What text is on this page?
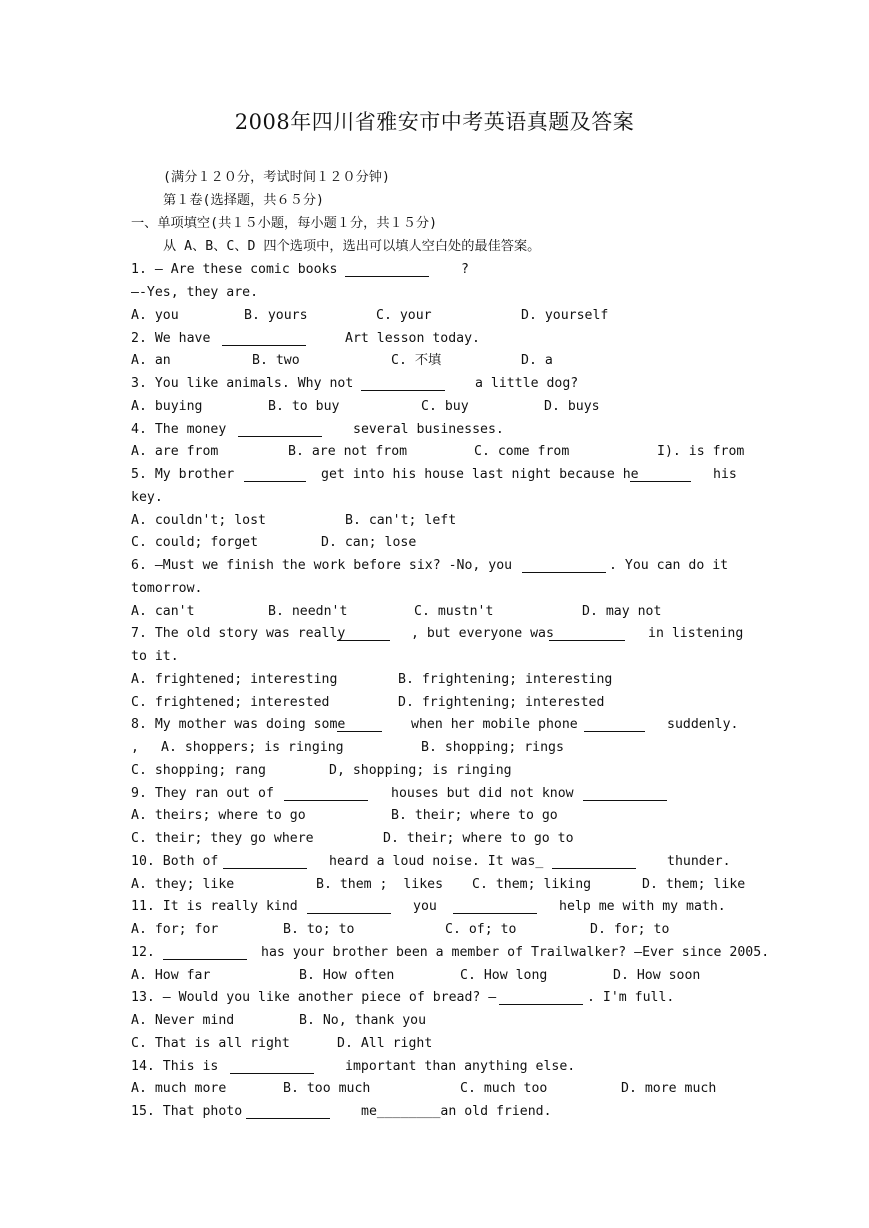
2008年四川省雅安市中考英语真题及答案
(满分１２０分，考试时间１２０分钟)
第１卷(选择题，共６５分)
一、单项填空(共１５小题，每小题１分，共１５分)
从 A、B、C、D 四个选项中，选出可以填人空白处的最佳答案。
1. — Are these comic books	?
—-Yes, they are.
A. you	B. yours	C. your	D. yourself
2. We have	Art lesson today.
A. an	B. two	C. 不填	D. a
3. You like animals. Why not	a little dog?
A. buying	B. to buy	C. buy	D. buys
4. The money	several businesses.
A. are from	B. are not from	C. come from	I). is from
5. My brother	get into his house last night because he	his
key.
A. couldn't; lost	B. can't; left
C. could; forget	D. can; lose
6. —Must we finish the work before six? -No, you	. You can do it
tomorrow.
A. can't	B. needn't	C. mustn't	D. may not
7. The old story was really	, but everyone was	in listening
to it.
A. frightened; interesting	B. frightening; interesting
C. frightened; interested	D. frightening; interested
8. My mother was doing some	when her mobile phone	suddenly.
, A. shoppers; is ringing	B. shopping; rings
C. shopping; rang	D, shopping; is ringing
9. They ran out of	houses but did not know
A. theirs; where to go	B. their; where to go
C. their; they go where	D. their; where to go to
10. Both of	heard a loud noise. It was_	thunder.
A. they; like	B. them ;  likes C. them; liking	D. them; like
11. It is really kind	you	help me with my math.
A. for; for	B. to; to	C. of; to	D. for; to
12.	has your brother been a member of Trailwalker? —Ever since 2005.
A. How far	B. How often	C. How long	D. How soon
13. — Would you like another piece of bread? —	. I'm full.
A. Never mind	B. No, thank you
C. That is all right	D. All right
14. This is	important than anything else.
A. much more	B. too much	C. much too	D. more much
15. That photo	me________an old friend.
